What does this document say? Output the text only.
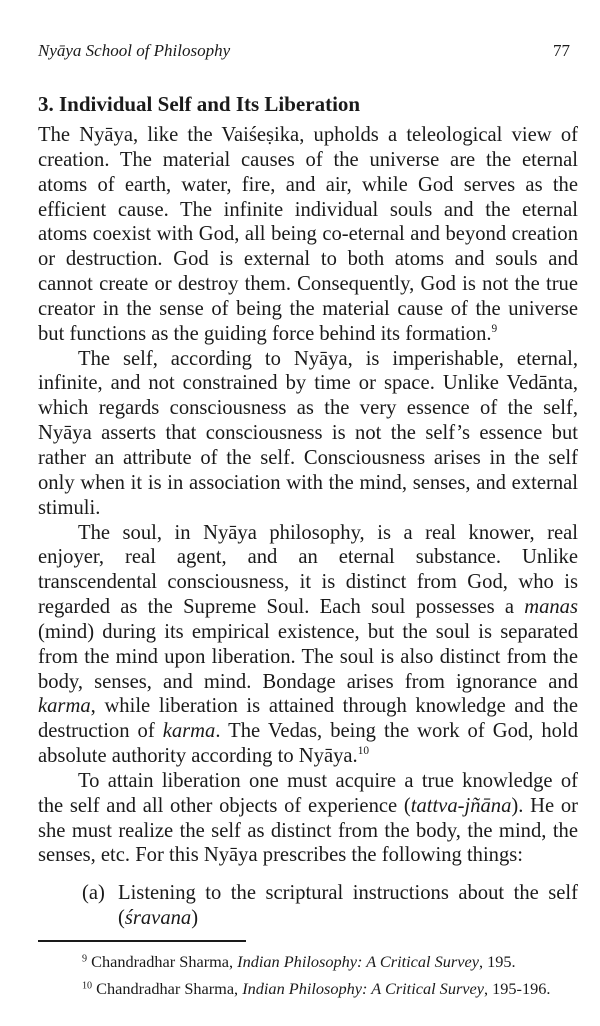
Nyāya School of Philosophy	77
3. Individual Self and Its Liberation

The Nyāya, like the Vaiśeṣika, upholds a teleological view of creation. The material causes of the universe are the eternal atoms of earth, water, fire, and air, while God serves as the efficient cause. The infinite individual souls and the eternal atoms coexist with God, all being co-eternal and beyond creation or destruction. God is external to both atoms and souls and cannot create or destroy them. Consequently, God is not the true creator in the sense of being the material cause of the universe but functions as the guiding force behind its formation.$^9$

The self, according to Nyāya, is imperishable, eternal, infinite, and not constrained by time or space. Unlike Vedānta, which regards consciousness as the very essence of the self, Nyāya asserts that consciousness is not the self’s essence but rather an attribute of the self. Consciousness arises in the self only when it is in association with the mind, senses, and external stimuli.

The soul, in Nyāya philosophy, is a real knower, real enjoyer, real agent, and an eternal substance. Unlike transcendental consciousness, it is distinct from God, who is regarded as the Supreme Soul. Each soul possesses a manas (mind) during its empirical existence, but the soul is separated from the mind upon liberation. The soul is also distinct from the body, senses, and mind. Bondage arises from ignorance and karma, while liberation is attained through knowledge and the destruction of karma. The Vedas, being the work of God, hold absolute authority according to Nyāya.$^{10}$

To attain liberation one must acquire a true knowledge of the self and all other objects of experience (tattva-jñāna). He or she must realize the self as distinct from the body, the mind, the senses, etc. For this Nyāya prescribes the following things:

(a) Listening to the scriptural instructions about the self (śravana)
$^9$ Chandradhar Sharma, Indian Philosophy: A Critical Survey, 195.
$^{10}$ Chandradhar Sharma, Indian Philosophy: A Critical Survey, 195-196.
